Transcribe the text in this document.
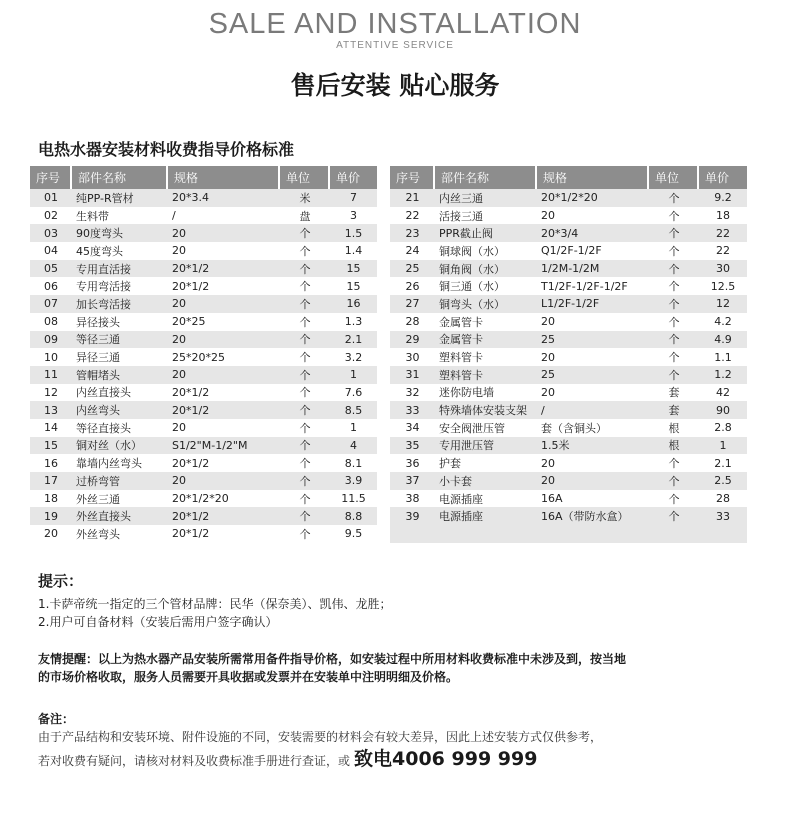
SALE AND INSTALLATION
ATTENTIVE SERVICE
售后安装 贴心服务
电热水器安装材料收费指导价格标准
序号	部件名称	规格	单位	单价
01	纯PP-R管材	20*3.4	米	7
02	生料带	/	盘	3
03	90度弯头	20	个	1.5
04	45度弯头	20	个	1.4
05	专用直活接	20*1/2	个	15
06	专用弯活接	20*1/2	个	15
07	加长弯活接	20	个	16
08	异径接头	20*25	个	1.3
09	等径三通	20	个	2.1
10	异径三通	25*20*25	个	3.2
11	管帽堵头	20	个	1
12	内丝直接头	20*1/2	个	7.6
13	内丝弯头	20*1/2	个	8.5
14	等径直接头	20	个	1
15	铜对丝（水）	S1/2"M-1/2"M	个	4
16	靠墙内丝弯头	20*1/2	个	8.1
17	过桥弯管	20	个	3.9
18	外丝三通	20*1/2*20	个	11.5
19	外丝直接头	20*1/2	个	8.8
20	外丝弯头	20*1/2	个	9.5
序号	部件名称	规格	单位	单价
21	内丝三通	20*1/2*20	个	9.2
22	活接三通	20	个	18
23	PPR截止阀	20*3/4	个	22
24	铜球阀（水）	Q1/2F-1/2F	个	22
25	铜角阀（水）	1/2M-1/2M	个	30
26	铜三通（水）	T1/2F-1/2F-1/2F	个	12.5
27	铜弯头（水）	L1/2F-1/2F	个	12
28	金属管卡	20	个	4.2
29	金属管卡	25	个	4.9
30	塑料管卡	20	个	1.1
31	塑料管卡	25	个	1.2
32	迷你防电墙	20	套	42
33	特殊墙体安装支架	/	套	90
34	安全阀泄压管	套（含铜头）	根	2.8
35	专用泄压管	1.5米	根	1
36	护套	20	个	2.1
37	小卡套	20	个	2.5
38	电源插座	16A	个	28
39	电源插座	16A（带防水盒）	个	33

提示：
1.卡萨帝统一指定的三个管材品牌：民华（保奈美）、凯伟、龙胜；
2.用户可自备材料（安装后需用户签字确认）
友情提醒：以上为热水器产品安装所需常用备件指导价格，如安装过程中所用材料收费标准中未涉及到，按当地
的市场价格收取，服务人员需要开具收据或发票并在安装单中注明明细及价格。
备注：
由于产品结构和安装环境、附件设施的不同，安装需要的材料会有较大差异，因此上述安装方式仅供参考，
若对收费有疑问，请核对材料及收费标准手册进行查证，或 致电4006 999 999
